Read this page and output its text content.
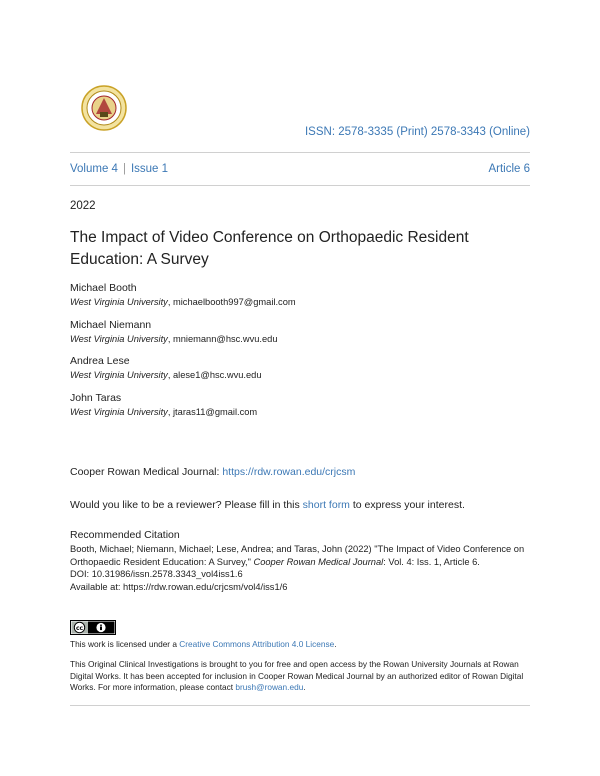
ISSN: 2578-3335 (Print) 2578-3343 (Online)
Volume 4 | Issue 1	Article 6
2022
The Impact of Video Conference on Orthopaedic Resident Education: A Survey
Michael Booth
West Virginia University, michaelbooth997@gmail.com
Michael Niemann
West Virginia University, mniemann@hsc.wvu.edu
Andrea Lese
West Virginia University, alese1@hsc.wvu.edu
John Taras
West Virginia University, jtaras11@gmail.com
Cooper Rowan Medical Journal: https://rdw.rowan.edu/crjcsm
Would you like to be a reviewer? Please fill in this short form to express your interest.
Recommended Citation
Booth, Michael; Niemann, Michael; Lese, Andrea; and Taras, John (2022) "The Impact of Video Conference on Orthopaedic Resident Education: A Survey," Cooper Rowan Medical Journal: Vol. 4: Iss. 1, Article 6.
DOI: 10.31986/issn.2578.3343_vol4iss1.6
Available at: https://rdw.rowan.edu/crjcsm/vol4/iss1/6
cc
This work is licensed under a Creative Commons Attribution 4.0 License.
This Original Clinical Investigations is brought to you for free and open access by the Rowan University Journals at Rowan Digital Works. It has been accepted for inclusion in Cooper Rowan Medical Journal by an authorized editor of Rowan Digital Works. For more information, please contact brush@rowan.edu.
